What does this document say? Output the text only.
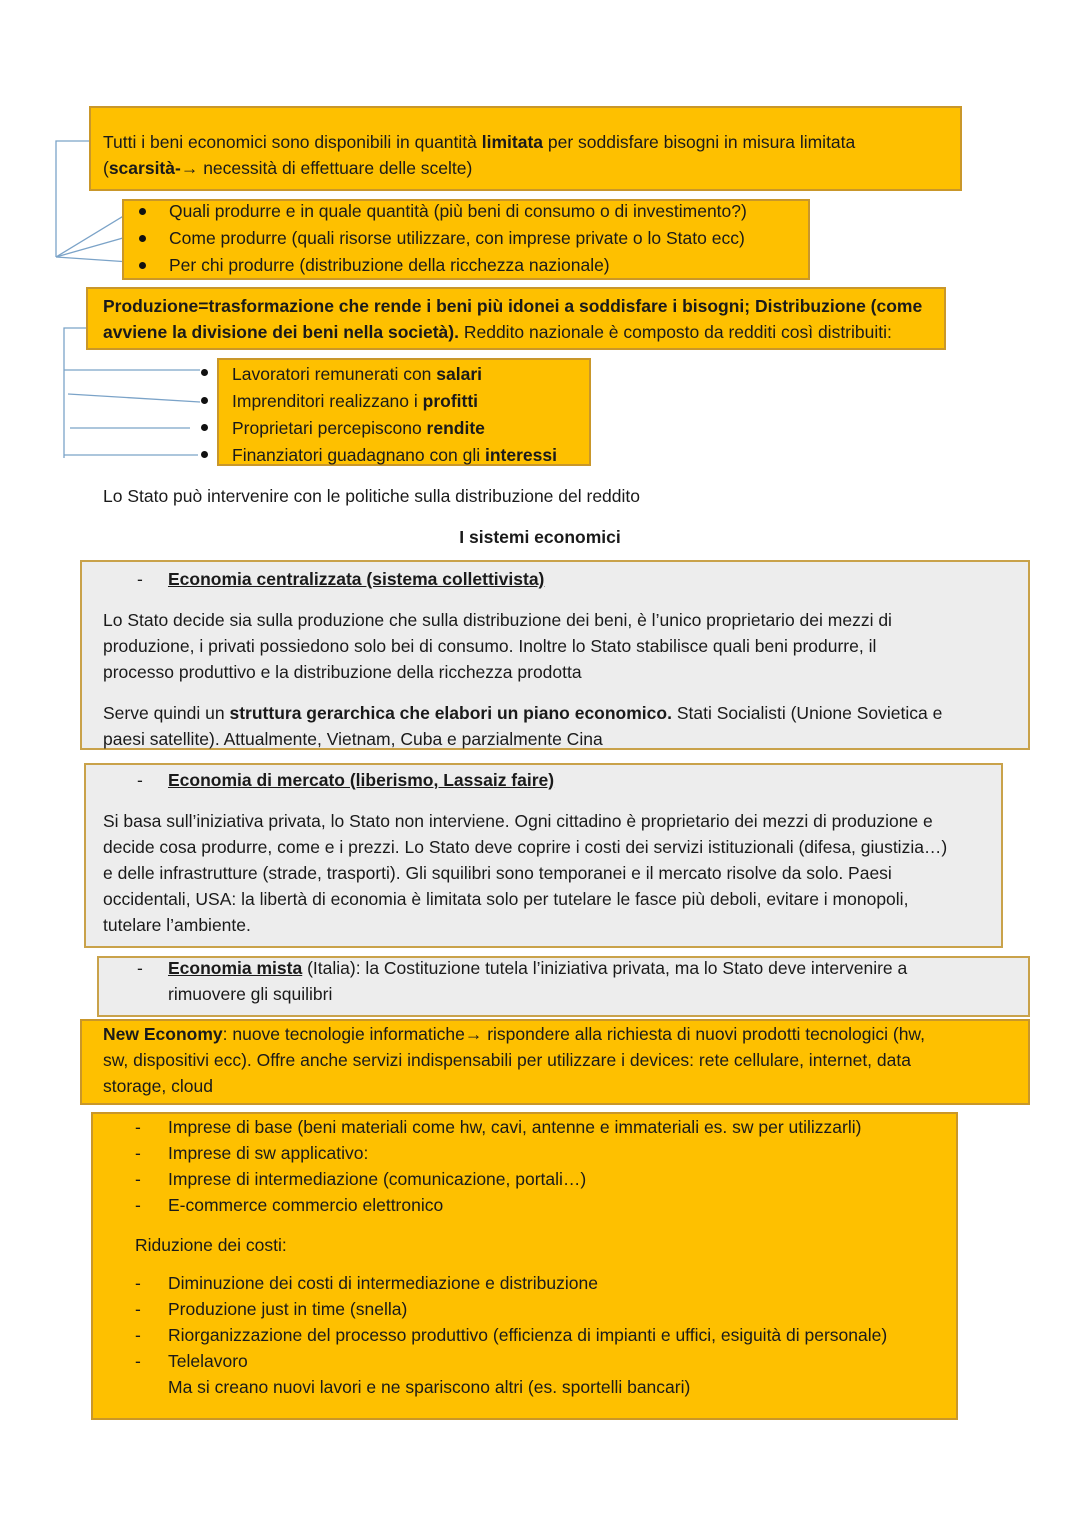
Tutti i beni economici sono disponibili in quantità limitata per soddisfare bisogni in misura limitata
(scarsità-→ necessità di effettuare delle scelte)
Quali produrre e in quale quantità (più beni di consumo o di investimento?)
Come produrre (quali risorse utilizzare, con imprese private o lo Stato ecc)
Per chi produrre (distribuzione della ricchezza nazionale)
Produzione=trasformazione che rende i beni più idonei a soddisfare i bisogni; Distribuzione (come
avviene la divisione dei beni nella società). Reddito nazionale è composto da redditi così distribuiti:
Lavoratori remunerati con salari
Imprenditori realizzano i profitti
Proprietari percepiscono rendite
Finanziatori guadagnano con gli interessi
Lo Stato può intervenire con le politiche sulla distribuzione del reddito
I sistemi economici
- Economia centralizzata (sistema collettivista)
Lo Stato decide sia sulla produzione che sulla distribuzione dei beni, è l’unico proprietario dei mezzi di
produzione, i privati possiedono solo bei di consumo. Inoltre lo Stato stabilisce quali beni produrre, il
processo produttivo e la distribuzione della ricchezza prodotta
Serve quindi un struttura gerarchica che elabori un piano economico. Stati Socialisti (Unione Sovietica e
paesi satellite). Attualmente, Vietnam, Cuba e parzialmente Cina
- Economia di mercato (liberismo, Lassaiz faire)
Si basa sull’iniziativa privata, lo Stato non interviene. Ogni cittadino è proprietario dei mezzi di produzione e
decide cosa produrre, come e i prezzi. Lo Stato deve coprire i costi dei servizi istituzionali (difesa, giustizia…)
e delle infrastrutture (strade, trasporti). Gli squilibri sono temporanei e il mercato risolve da solo. Paesi
occidentali, USA: la libertà di economia è limitata solo per tutelare le fasce più deboli, evitare i monopoli,
tutelare l’ambiente.
- Economia mista (Italia): la Costituzione tutela l’iniziativa privata, ma lo Stato deve intervenire a
rimuovere gli squilibri
New Economy: nuove tecnologie informatiche→ rispondere alla richiesta di nuovi prodotti tecnologici (hw,
sw, dispositivi ecc). Offre anche servizi indispensabili per utilizzare i devices: rete cellulare, internet, data
storage, cloud
- Imprese di base (beni materiali come hw, cavi, antenne e immateriali es. sw per utilizzarli)
- Imprese di sw applicativo:
- Imprese di intermediazione (comunicazione, portali…)
- E-commerce commercio elettronico
Riduzione dei costi:
- Diminuzione dei costi di intermediazione e distribuzione
- Produzione just in time (snella)
- Riorganizzazione del processo produttivo (efficienza di impianti e uffici, esiguità di personale)
- Telelavoro
Ma si creano nuovi lavori e ne spariscono altri (es. sportelli bancari)
